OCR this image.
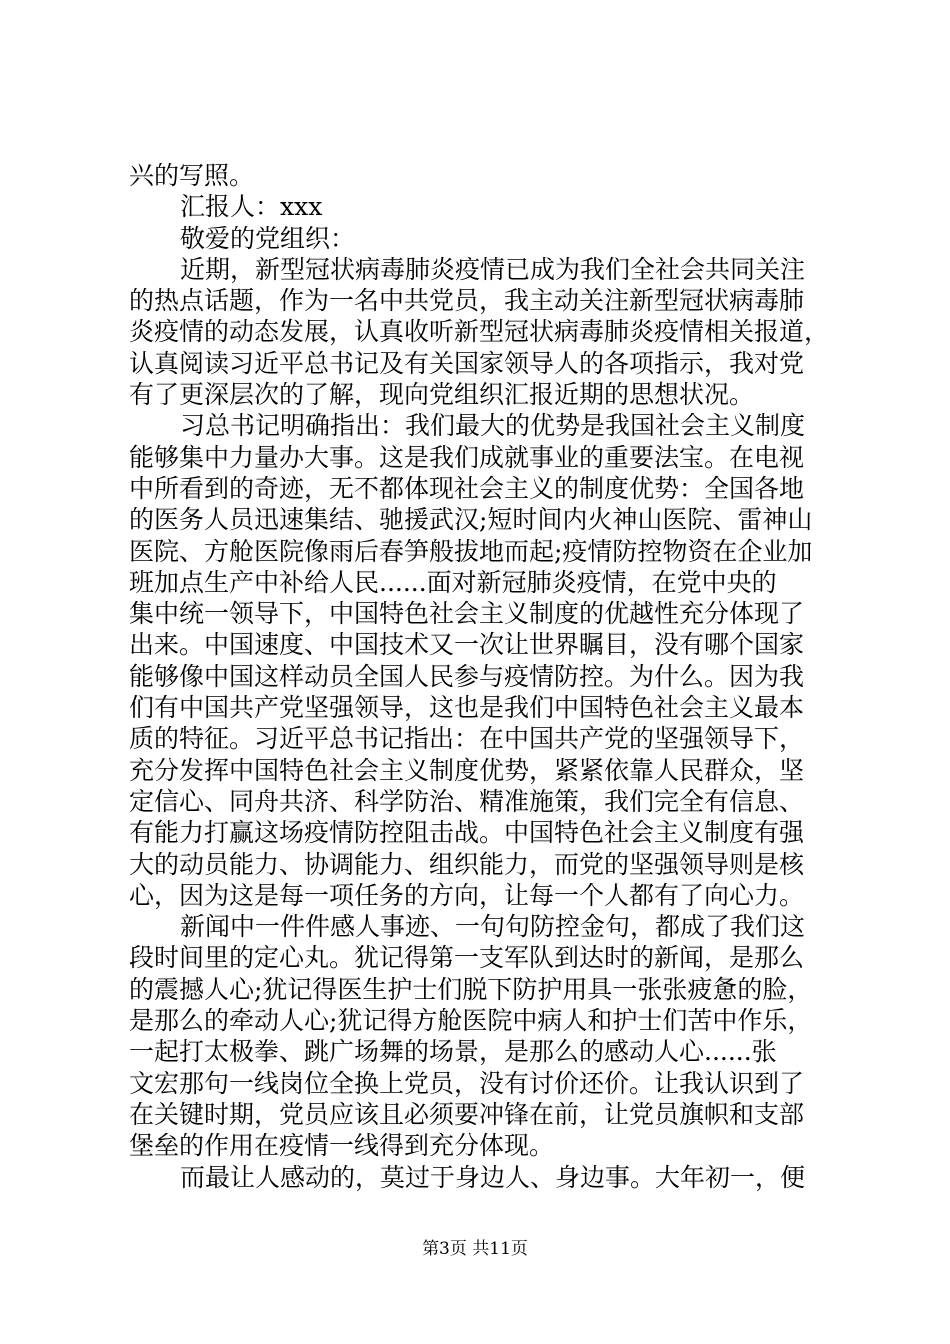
兴的写照。
汇报人：xxx
敬爱的党组织：
近期，新型冠状病毒肺炎疫情已成为我们全社会共同关注
的热点话题，作为一名中共党员，我主动关注新型冠状病毒肺
炎疫情的动态发展，认真收听新型冠状病毒肺炎疫情相关报道，
认真阅读习近平总书记及有关国家领导人的各项指示，我对党
有了更深层次的了解，现向党组织汇报近期的思想状况。
习总书记明确指出：我们最大的优势是我国社会主义制度
能够集中力量办大事。这是我们成就事业的重要法宝。在电视
中所看到的奇迹，无不都体现社会主义的制度优势：全国各地
的医务人员迅速集结、驰援武汉;短时间内火神山医院、雷神山
医院、方舱医院像雨后春笋般拔地而起;疫情防控物资在企业加
班加点生产中补给人民......面对新冠肺炎疫情，在党中央的
集中统一领导下，中国特色社会主义制度的优越性充分体现了
出来。中国速度、中国技术又一次让世界瞩目，没有哪个国家
能够像中国这样动员全国人民参与疫情防控。为什么。因为我
们有中国共产党坚强领导，这也是我们中国特色社会主义最本
质的特征。习近平总书记指出：在中国共产党的坚强领导下，
充分发挥中国特色社会主义制度优势，紧紧依靠人民群众，坚
定信心、同舟共济、科学防治、精准施策，我们完全有信息、
有能力打赢这场疫情防控阻击战。中国特色社会主义制度有强
大的动员能力、协调能力、组织能力，而党的坚强领导则是核
心，因为这是每一项任务的方向，让每一个人都有了向心力。
新闻中一件件感人事迹、一句句防控金句，都成了我们这
段时间里的定心丸。犹记得第一支军队到达时的新闻，是那么
的震撼人心;犹记得医生护士们脱下防护用具一张张疲惫的脸，
是那么的牵动人心;犹记得方舱医院中病人和护士们苦中作乐，
一起打太极拳、跳广场舞的场景，是那么的感动人心......张
文宏那句一线岗位全换上党员，没有讨价还价。让我认识到了
在关键时期，党员应该且必须要冲锋在前，让党员旗帜和支部
堡垒的作用在疫情一线得到充分体现。
而最让人感动的，莫过于身边人、身边事。大年初一，便
第3页 共11页
